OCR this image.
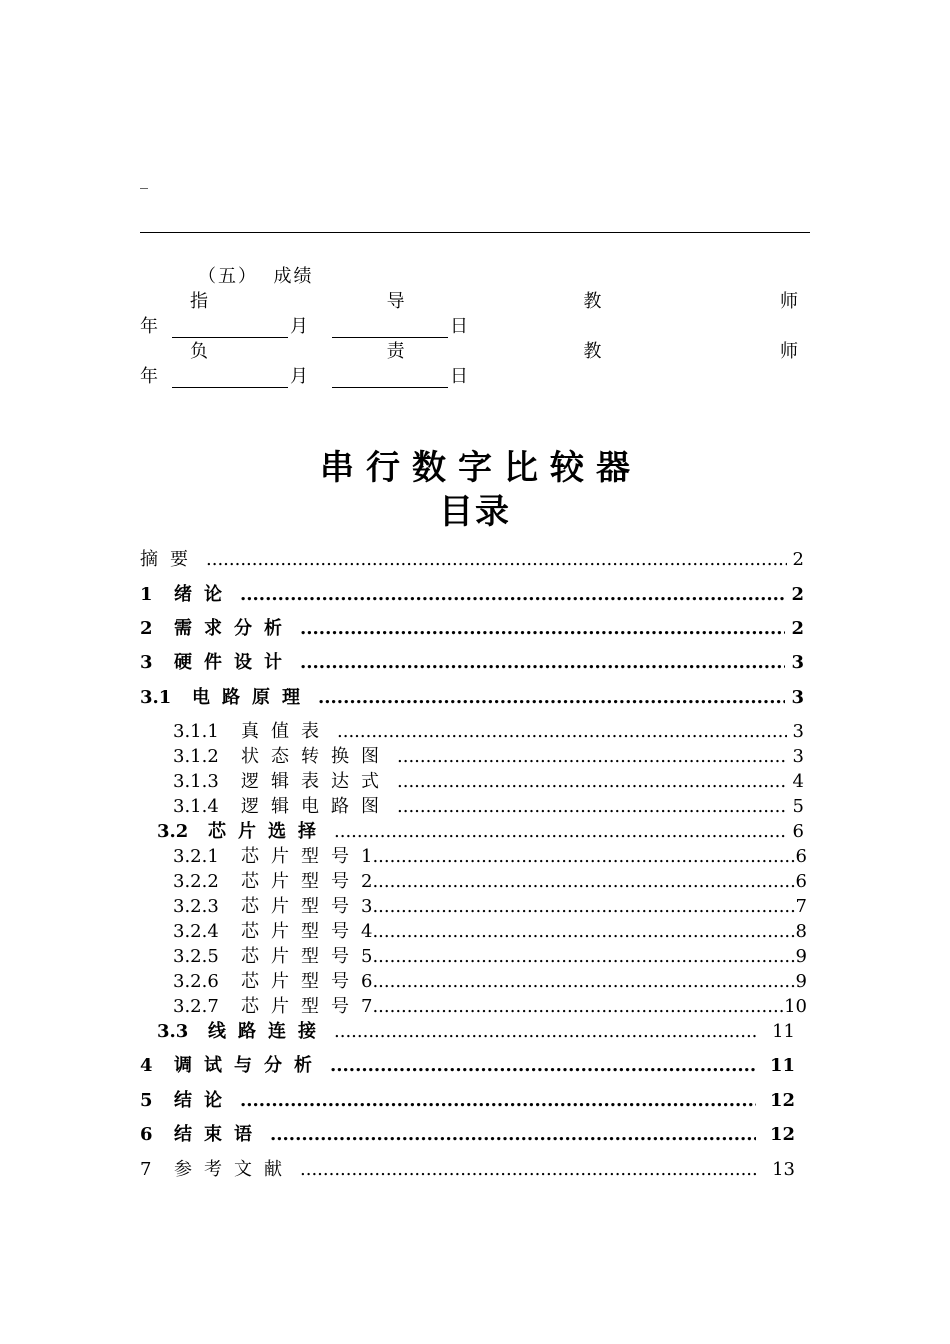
_
（五）  成绩
指	导	教	师
年	月	日
负	责	教	师
年	月	日
串行数字比较器
目录
摘要 .....	2
1	绪论 .....	2
2	需求分析 .....	2
3	硬件设计 .....	3
3.1	电路原理 .....	3
3.1.1	真值表 .....	3
3.1.2	状态转换图 .....	3
3.1.3	逻辑表达式 .....	4
3.1.4	逻辑电路图 .....	5
3.2	芯片选择 .....	6
3.2.1	芯片型号 1 .....	6
3.2.2	芯片型号 2 .....	6
3.2.3	芯片型号 3 .....	7
3.2.4	芯片型号 4 .....	8
3.2.5	芯片型号 5 .....	9
3.2.6	芯片型号 6 .....	9
3.2.7	芯片型号 7 .....	10
3.3	线路连接 .....	11
4	调试与分析 .....	11
5	结论 .....	12
6	结束语 .....	12
7	参考文献 .....	13
